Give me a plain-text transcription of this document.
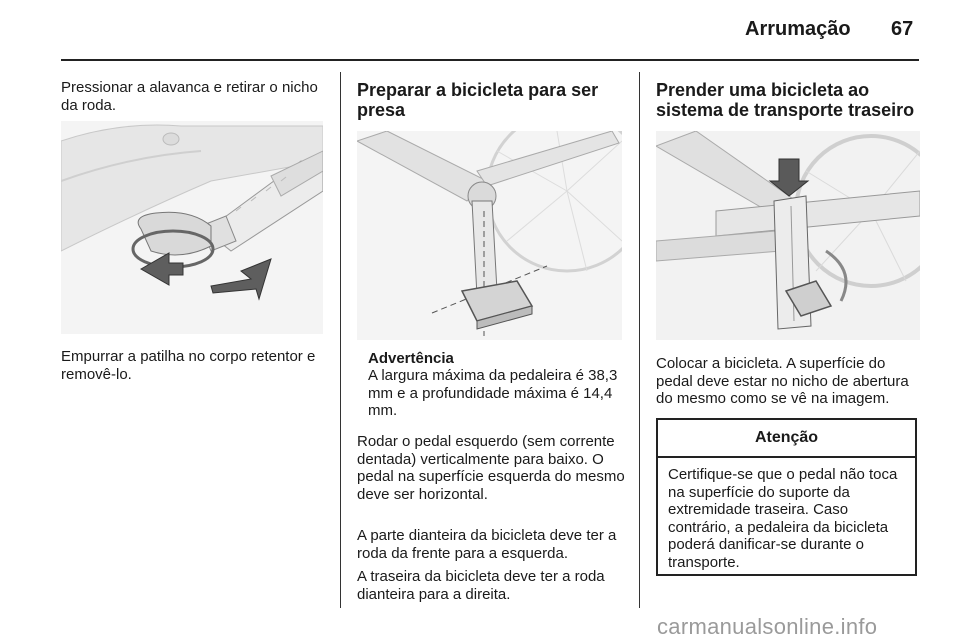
Arrumação 67
Pressionar a alavanca e retirar o nicho da roda.
Empurrar a patilha no corpo retentor e removê-lo.
Preparar a bicicleta para ser presa
Advertência
A largura máxima da pedaleira é 38,3 mm e a profundidade máxima é 14,4 mm.
Rodar o pedal esquerdo (sem corrente dentada) verticalmente para baixo. O pedal na superfície esquerda do mesmo deve ser horizontal.
A parte dianteira da bicicleta deve ter a roda da frente para a esquerda.
A traseira da bicicleta deve ter a roda dianteira para a direita.
Prender uma bicicleta ao sistema de transporte traseiro
Colocar a bicicleta. A superfície do pedal deve estar no nicho de abertura do mesmo como se vê na imagem.
Atenção
Certifique-se que o pedal não toca na superfície do suporte da extremidade traseira. Caso contrário, a pedaleira da bicicleta poderá danificar-se durante o transporte.
carmanualsonline.info
